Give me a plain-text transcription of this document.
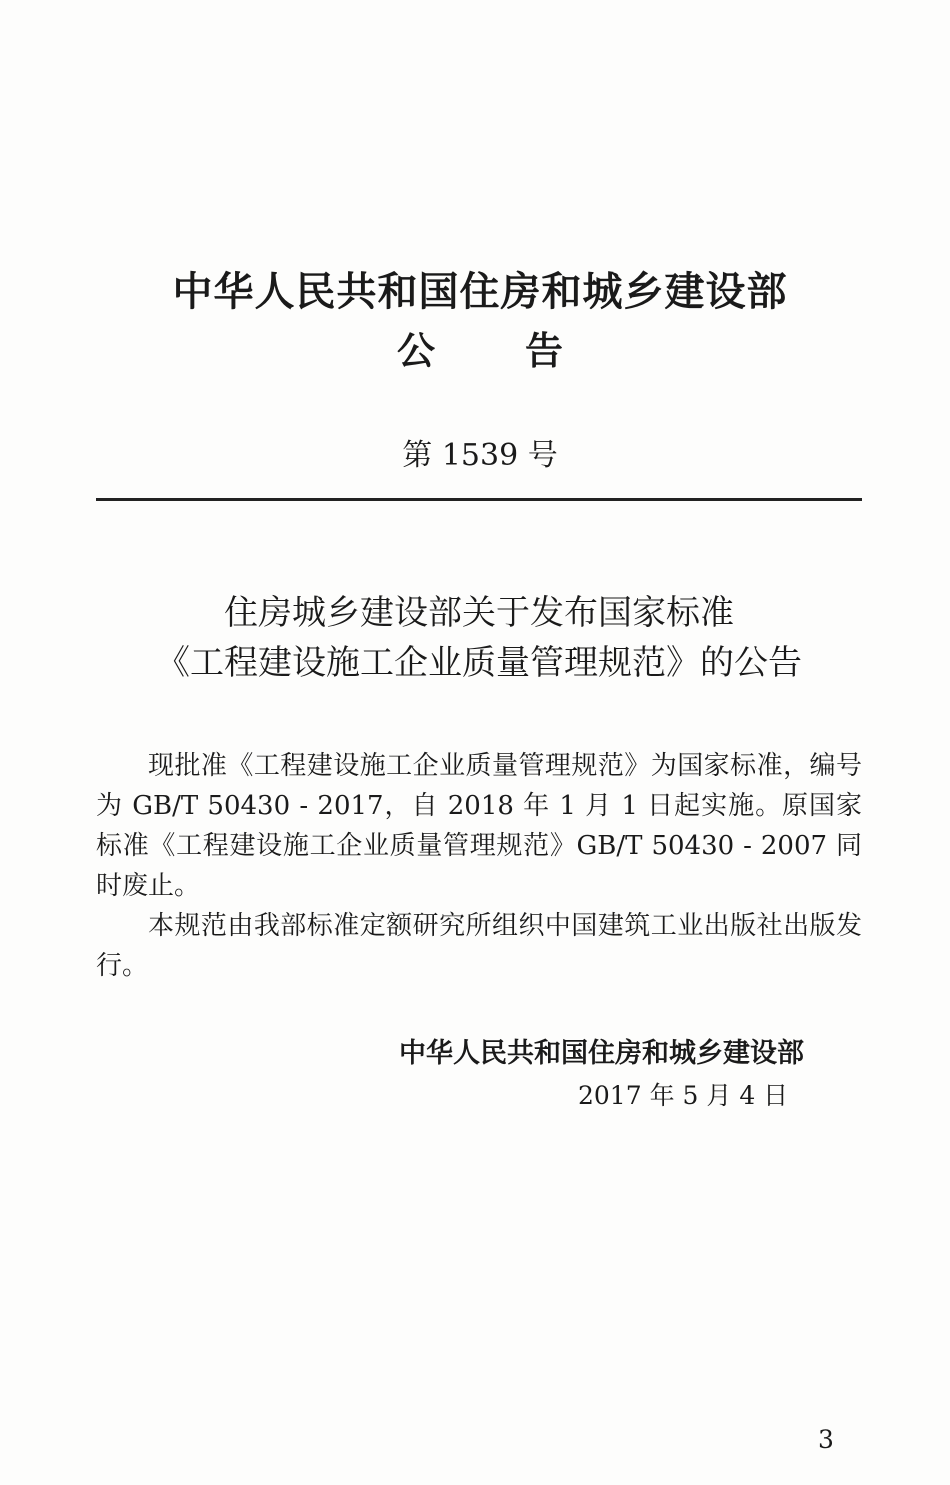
中华人民共和国住房和城乡建设部
公告
第 1539 号
住房城乡建设部关于发布国家标准
《工程建设施工企业质量管理规范》的公告

现批准《工程建设施工企业质量管理规范》为国家标准，编号为 GB/T 50430 - 2017，自 2018 年 1 月 1 日起实施。原国家标准《工程建设施工企业质量管理规范》GB/T 50430 - 2007 同时废止。

本规范由我部标准定额研究所组织中国建筑工业出版社出版发行。

中华人民共和国住房和城乡建设部
2017 年 5 月 4 日
3
